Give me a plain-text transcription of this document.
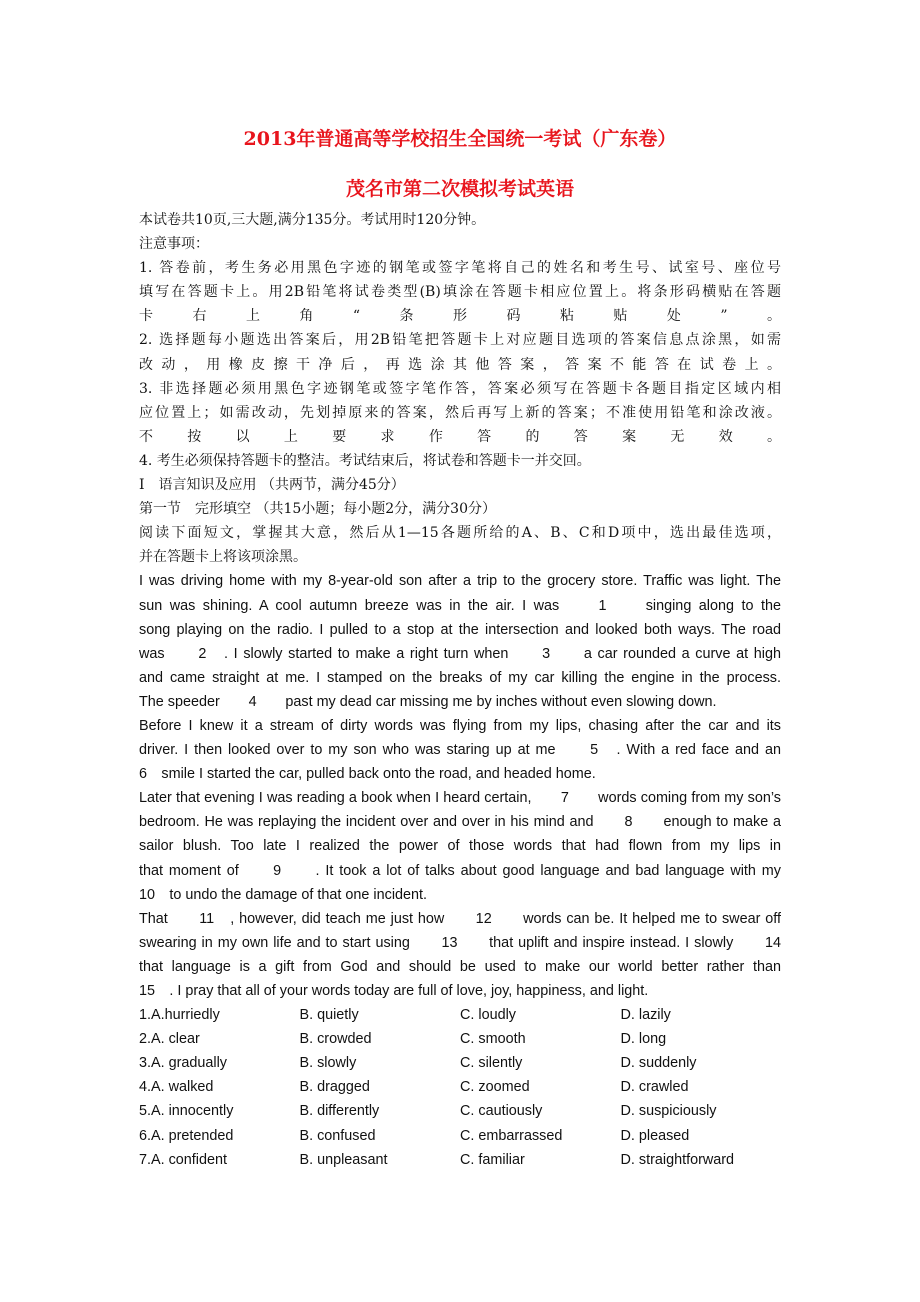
2013年普通高等学校招生全国统一考试（广东卷）
茂名市第二次模拟考试英语
本试卷共10页,三大题,满分135分。考试用时120分钟。
注意事项：
1. 答卷前，考生务必用黑色字迹的钢笔或签字笔将自己的姓名和考生号、试室号、座位号
填写在答题卡上。用2B铅笔将试卷类型(B)填涂在答题卡相应位置上。将条形码横贴在答题
卡　右　上　角　“　条　形　码　粘　贴　处　”　。
2. 选择题每小题选出答案后，用2B铅笔把答题卡上对应题目选项的答案信息点涂黑，如需
改动，用橡皮擦干净后，再选涂其他答案，答案不能答在试卷上。
3. 非选择题必须用黑色字迹钢笔或签字笔作答，答案必须写在答题卡各题目指定区域内相
应位置上；如需改动，先划掉原来的答案，然后再写上新的答案；不准使用铅笔和涂改液。
不　按　以　上　要　求　作　答　的　答　案　无　效　。
4. 考生必须保持答题卡的整洁。考试结束后，将试卷和答题卡一并交回。
Ⅰ　语言知识及应用 （共两节，满分45分）
第一节　完形填空 （共15小题；每小题2分，满分30分）
阅读下面短文，掌握其大意，然后从1—15各题所给的A、B、C和D项中，选出最佳选项，
并在答题卡上将该项涂黑。
I was driving home with my 8-year-old son after a trip to the grocery store. Traffic was light. The
sun was shining. A cool autumn breeze was in the air. I was　　1　　singing along to the
song playing on the radio. I pulled to a stop at the intersection and looked both ways. The road
was　　2　. I slowly started to make a right turn when　　3　　a car rounded a curve at high
and came straight at me. I stamped on the breaks of my car killing the engine in the process.
The speeder　　4　　past my dead car missing me by inches without even slowing down.
Before I knew it a stream of dirty words was flying from my lips, chasing after the car and its
driver. I then looked over to my son who was staring up at me　　5　. With a red face and an
6　smile I started the car, pulled back onto the road, and headed home.
Later that evening I was reading a book when I heard certain,　　7　　words coming from my son’s
bedroom. He was replaying the incident over and over in his mind and　　8　　enough to make a
sailor blush. Too late I realized the power of those words that had flown from my lips in
that moment of　　9　　. It took a lot of talks about good language and bad language with my
10　to undo the damage of that one incident.
That　　11　, however, did teach me just how　　12　　words can be. It helped me to swear off
swearing in my own life and to start using　　13　　that uplift and inspire instead. I slowly　　14
that language is a gift from God and should be used to make our world better rather than
15　. I pray that all of your words today are full of love, joy, happiness, and light.
1.A.hurriedly	B. quietly	C. loudly	D. lazily
2.A. clear	B. crowded	C. smooth	D. long
3.A. gradually	B. slowly	C. silently	D. suddenly
4.A. walked	B. dragged	C. zoomed	D. crawled
5.A. innocently	B. differently	C. cautiously	D. suspiciously
6.A. pretended	B. confused	C. embarrassed	D. pleased
7.A. confident	B. unpleasant	C. familiar	D. straightforward
